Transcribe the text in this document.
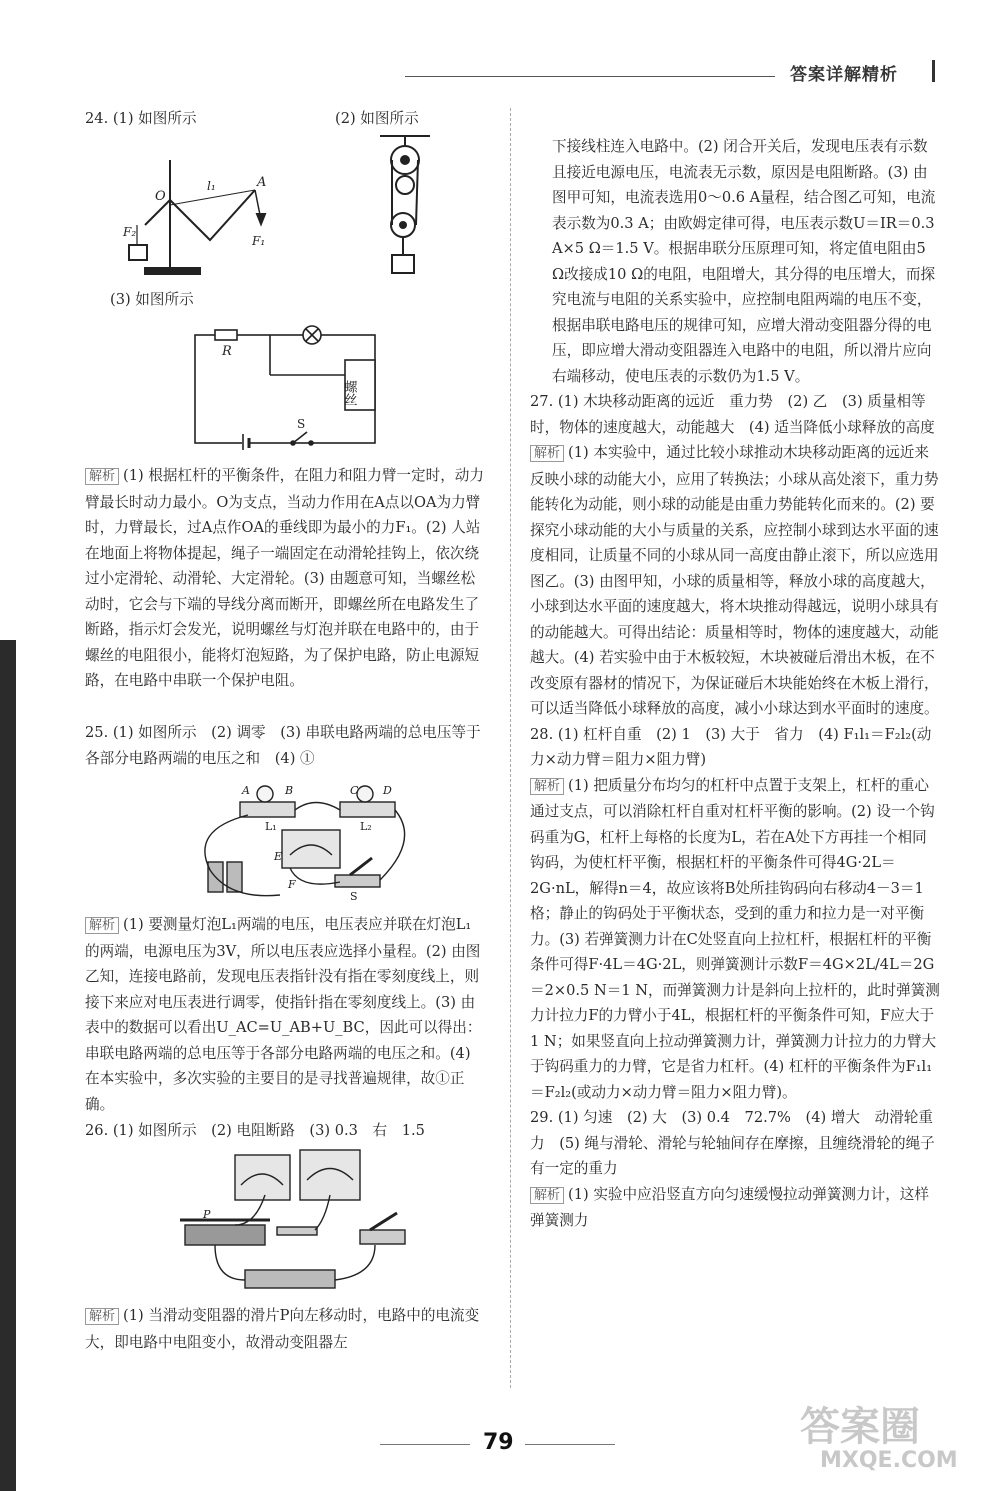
答案详解精析
24. (1) 如图所示	(2) 如图所示
O
A
l₁
F₁
F₂
(3) 如图所示
R
螺丝
S

解析 (1) 根据杠杆的平衡条件，在阻力和阻力臂一定时，动力臂最长时动力最小。O为支点，当动力作用在A点以OA为力臂时，力臂最长，过A点作OA的垂线即为最小的力F₁。(2) 人站在地面上将物体提起，绳子一端固定在动滑轮挂钩上，依次绕过小定滑轮、动滑轮、大定滑轮。(3) 由题意可知，当螺丝松动时，它会与下端的导线分离而断开，即螺丝所在电路发生了断路，指示灯会发光，说明螺丝与灯泡并联在电路中的，由于螺丝的电阻很小，能将灯泡短路，为了保护电路，防止电源短路，在电路中串联一个保护电阻。

25. (1) 如图所示　(2) 调零　(3) 串联电路两端的总电压等于各部分电路两端的电压之和　(4) ①
A	B	C D
L₁	L₂
E
F
S

解析 (1) 要测量灯泡L₁两端的电压，电压表应并联在灯泡L₁的两端，电源电压为3V，所以电压表应选择小量程。(2) 由图乙知，连接电路前，发现电压表指针没有指在零刻度线上，则接下来应对电压表进行调零，使指针指在零刻度线上。(3) 由表中的数据可以看出U_AC=U_AB+U_BC，因此可以得出：串联电路两端的总电压等于各部分电路两端的电压之和。(4) 在本实验中，多次实验的主要目的是寻找普遍规律，故①正确。

26. (1) 如图所示　(2) 电阻断路　(3) 0.3　右　1.5
P

解析 (1) 当滑动变阻器的滑片P向左移动时，电路中的电流变大，即电路中电阻变小，故滑动变阻器左

下接线柱连入电路中。(2) 闭合开关后，发现电压表有示数且接近电源电压，电流表无示数，原因是电阻断路。(3) 由图甲可知，电流表选用0～0.6 A量程，结合图乙可知，电流表示数为0.3 A；由欧姆定律可得，电压表示数U＝IR＝0.3 A×5 Ω＝1.5 V。根据串联分压原理可知，将定值电阻由5 Ω改接成10 Ω的电阻，电阻增大，其分得的电压增大，而探究电流与电阻的关系实验中，应控制电阻两端的电压不变，根据串联电路电压的规律可知，应增大滑动变阻器分得的电压，即应增大滑动变阻器连入电路中的电阻，所以滑片应向右端移动，使电压表的示数仍为1.5 V。

27. (1) 木块移动距离的远近　重力势　(2) 乙　(3) 质量相等时，物体的速度越大，动能越大　(4) 适当降低小球释放的高度

解析 (1) 本实验中，通过比较小球推动木块移动距离的远近来反映小球的动能大小，应用了转换法；小球从高处滚下，重力势能转化为动能，则小球的动能是由重力势能转化而来的。(2) 要探究小球动能的大小与质量的关系，应控制小球到达水平面的速度相同，让质量不同的小球从同一高度由静止滚下，所以应选用图乙。(3) 由图甲知，小球的质量相等，释放小球的高度越大，小球到达水平面的速度越大，将木块推动得越远，说明小球具有的动能越大。可得出结论：质量相等时，物体的速度越大，动能越大。(4) 若实验中由于木板较短，木块被碰后滑出木板，在不改变原有器材的情况下，为保证碰后木块能始终在木板上滑行，可以适当降低小球释放的高度，减小小球达到水平面时的速度。

28. (1) 杠杆自重　(2) 1　(3) 大于　省力　(4) F₁l₁＝F₂l₂(动力×动力臂＝阻力×阻力臂)

解析 (1) 把质量分布均匀的杠杆中点置于支架上，杠杆的重心通过支点，可以消除杠杆自重对杠杆平衡的影响。(2) 设一个钩码重为G，杠杆上每格的长度为L，若在A处下方再挂一个相同钩码，为使杠杆平衡，根据杠杆的平衡条件可得4G·2L＝2G·nL，解得n＝4，故应该将B处所挂钩码向右移动4－3＝1格；静止的钩码处于平衡状态，受到的重力和拉力是一对平衡力。(3) 若弹簧测力计在C处竖直向上拉杠杆，根据杠杆的平衡条件可得F·4L＝4G·2L，则弹簧测计示数F＝4G×2L/4L＝2G＝2×0.5 N＝1 N，而弹簧测力计是斜向上拉杆的，此时弹簧测力计拉力F的力臂小于4L，根据杠杆的平衡条件可知，F应大于1 N；如果竖直向上拉动弹簧测力计，弹簧测力计拉力的力臂大于钩码重力的力臂，它是省力杠杆。(4) 杠杆的平衡条件为F₁l₁＝F₂l₂(或动力×动力臂＝阻力×阻力臂)。

29. (1) 匀速　(2) 大　(3) 0.4　72.7%　(4) 增大　动滑轮重力　(5) 绳与滑轮、滑轮与轮轴间存在摩擦，且缠绕滑轮的绳子有一定的重力

解析 (1) 实验中应沿竖直方向匀速缓慢拉动弹簧测力计，这样弹簧测力

79	答案圈
MXQE.COM
